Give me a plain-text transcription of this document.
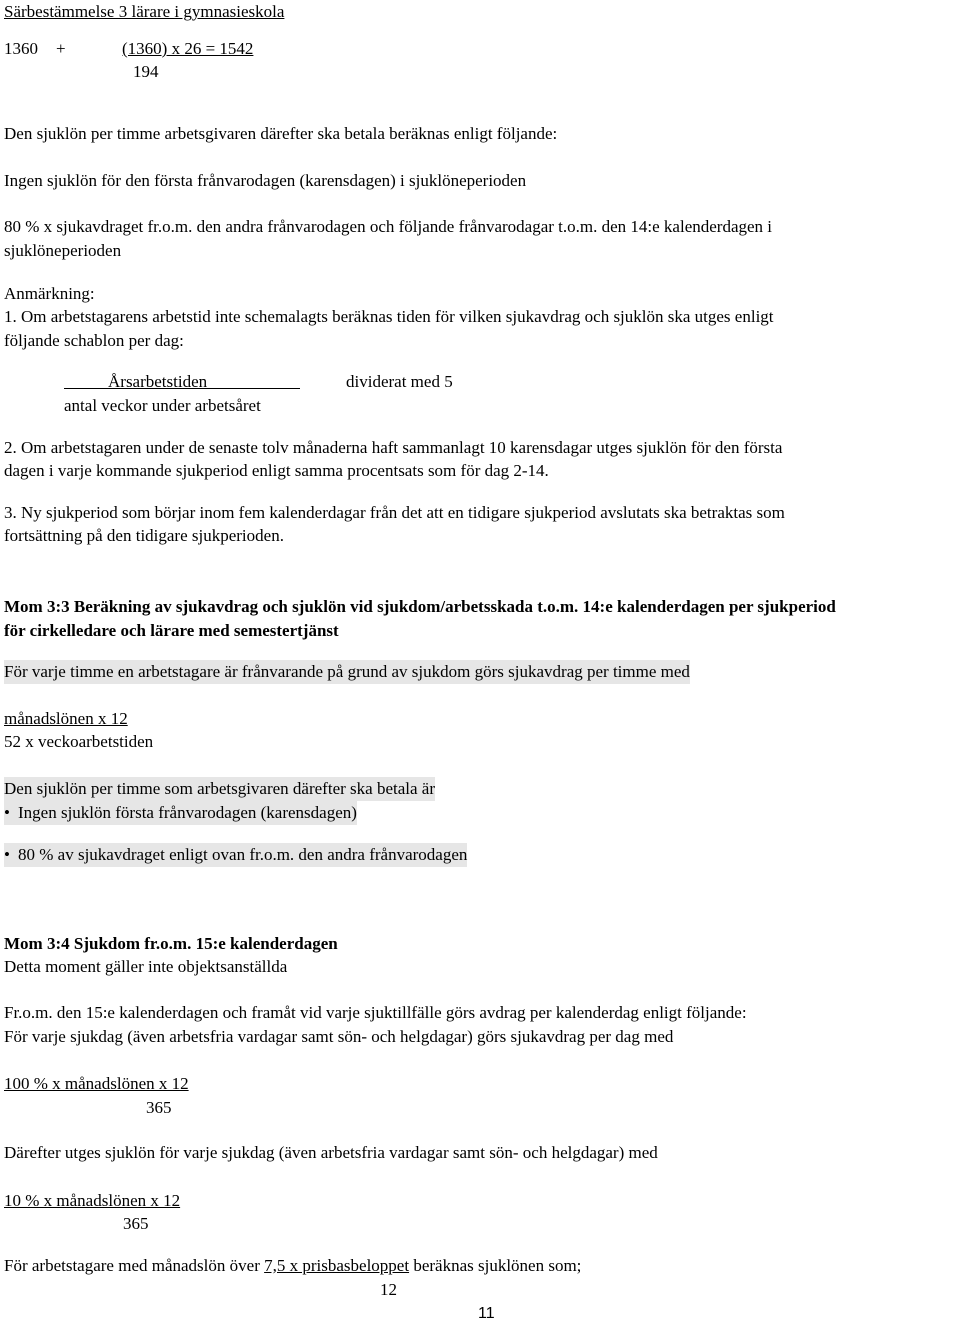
Särbestämmelse 3 lärare i gymnasieskola
1360 +	(1360) x 26 = 1542
194
Den sjuklön per timme arbetsgivaren därefter ska betala beräknas enligt följande:
Ingen sjuklön för den första frånvarodagen (karensdagen) i sjuklöneperioden
80 % x sjukavdraget fr.o.m. den andra frånvarodagen och följande frånvarodagar t.o.m. den 14:e kalenderdagen i
sjuklöneperioden
Anmärkning:
1. Om arbetstagarens arbetstid inte schemalagts beräknas tiden för vilken sjukavdrag och sjuklön ska utges enligt
följande schablon per dag:
Årsarbetstiden	dividerat med 5
antal veckor under arbetsåret
2. Om arbetstagaren under de senaste tolv månaderna haft sammanlagt 10 karensdagar utges sjuklön för den första
dagen i varje kommande sjukperiod enligt samma procentsats som för dag 2-14.
3. Ny sjukperiod som börjar inom fem kalenderdagar från det att en tidigare sjukperiod avslutats ska betraktas som
fortsättning på den tidigare sjukperioden.
Mom 3:3 Beräkning av sjukavdrag och sjuklön vid sjukdom/arbetsskada t.o.m. 14:e kalenderdagen per sjukperiod
för cirkelledare och lärare med semestertjänst
För varje timme en arbetstagare är frånvarande på grund av sjukdom görs sjukavdrag per timme med
månadslönen x 12
52 x veckoarbetstiden
Den sjuklön per timme som arbetsgivaren därefter ska betala är
• Ingen sjuklön första frånvarodagen (karensdagen)
• 80 % av sjukavdraget enligt ovan fr.o.m. den andra frånvarodagen
Mom 3:4 Sjukdom fr.o.m. 15:e kalenderdagen
Detta moment gäller inte objektsanställda
Fr.o.m. den 15:e kalenderdagen och framåt vid varje sjuktillfälle görs avdrag per kalenderdag enligt följande:
För varje sjukdag (även arbetsfria vardagar samt sön- och helgdagar) görs sjukavdrag per dag med
100 % x månadslönen x 12
365
Därefter utges sjuklön för varje sjukdag (även arbetsfria vardagar samt sön- och helgdagar) med
10 % x månadslönen x 12
365
För arbetstagare med månadslön över 7,5 x prisbasbeloppet beräknas sjuklönen som;
12
11
